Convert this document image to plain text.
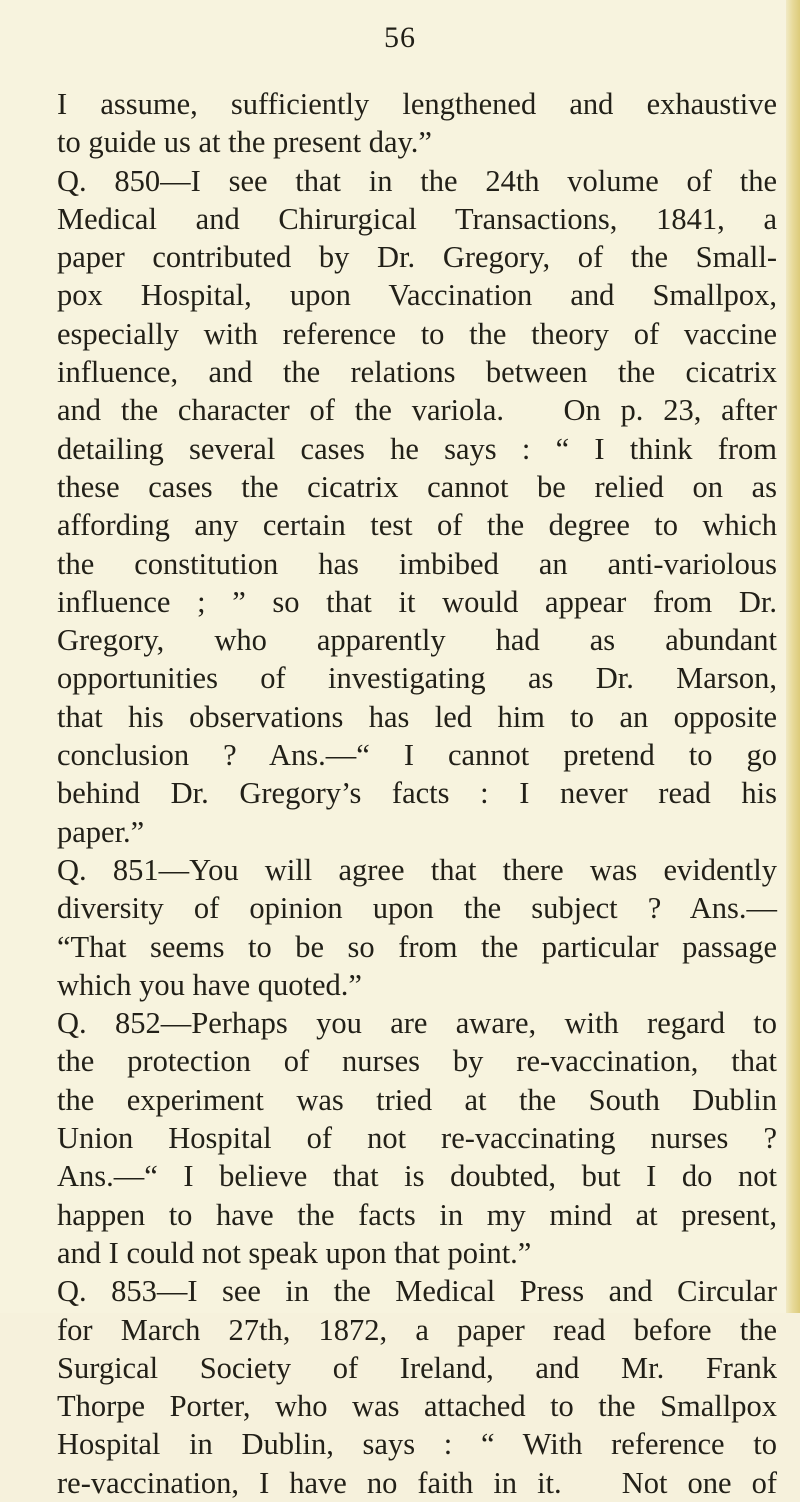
56
I assume, sufficiently lengthened and exhaustive
to guide us at the present day.”
Q. 850—I see that in the 24th volume of the
Medical and Chirurgical Transactions, 1841, a
paper contributed by Dr. Gregory, of the Small-
pox Hospital, upon Vaccination and Smallpox,
especially with reference to the theory of vaccine
influence, and the relations between the cicatrix
and the character of the variola.   On p. 23, after
detailing several cases he says : “ I think from
these cases the cicatrix cannot be relied on as
affording any certain test of the degree to which
the constitution has imbibed an anti-variolous
influence ; ” so that it would appear from Dr.
Gregory, who apparently had as abundant
opportunities of investigating as Dr. Marson,
that his observations has led him to an opposite
conclusion ? Ans.—“ I cannot pretend to go
behind Dr. Gregory’s facts : I never read his
paper.”
Q. 851—You will agree that there was evidently
diversity of opinion upon the subject ? Ans.—
“That seems to be so from the particular passage
which you have quoted.”
Q. 852—Perhaps you are aware, with regard to
the protection of nurses by re-vaccination, that
the experiment was tried at the South Dublin
Union Hospital of not re-vaccinating nurses ?
Ans.—“ I believe that is doubted, but I do not
happen to have the facts in my mind at present,
and I could not speak upon that point.”
Q. 853—I see in the Medical Press and Circular
for March 27th, 1872, a paper read before the
Surgical Society of Ireland, and Mr. Frank
Thorpe Porter, who was attached to the Smallpox
Hospital in Dublin, says : “ With reference to
re-vaccination, I have no faith in it.   Not one of
